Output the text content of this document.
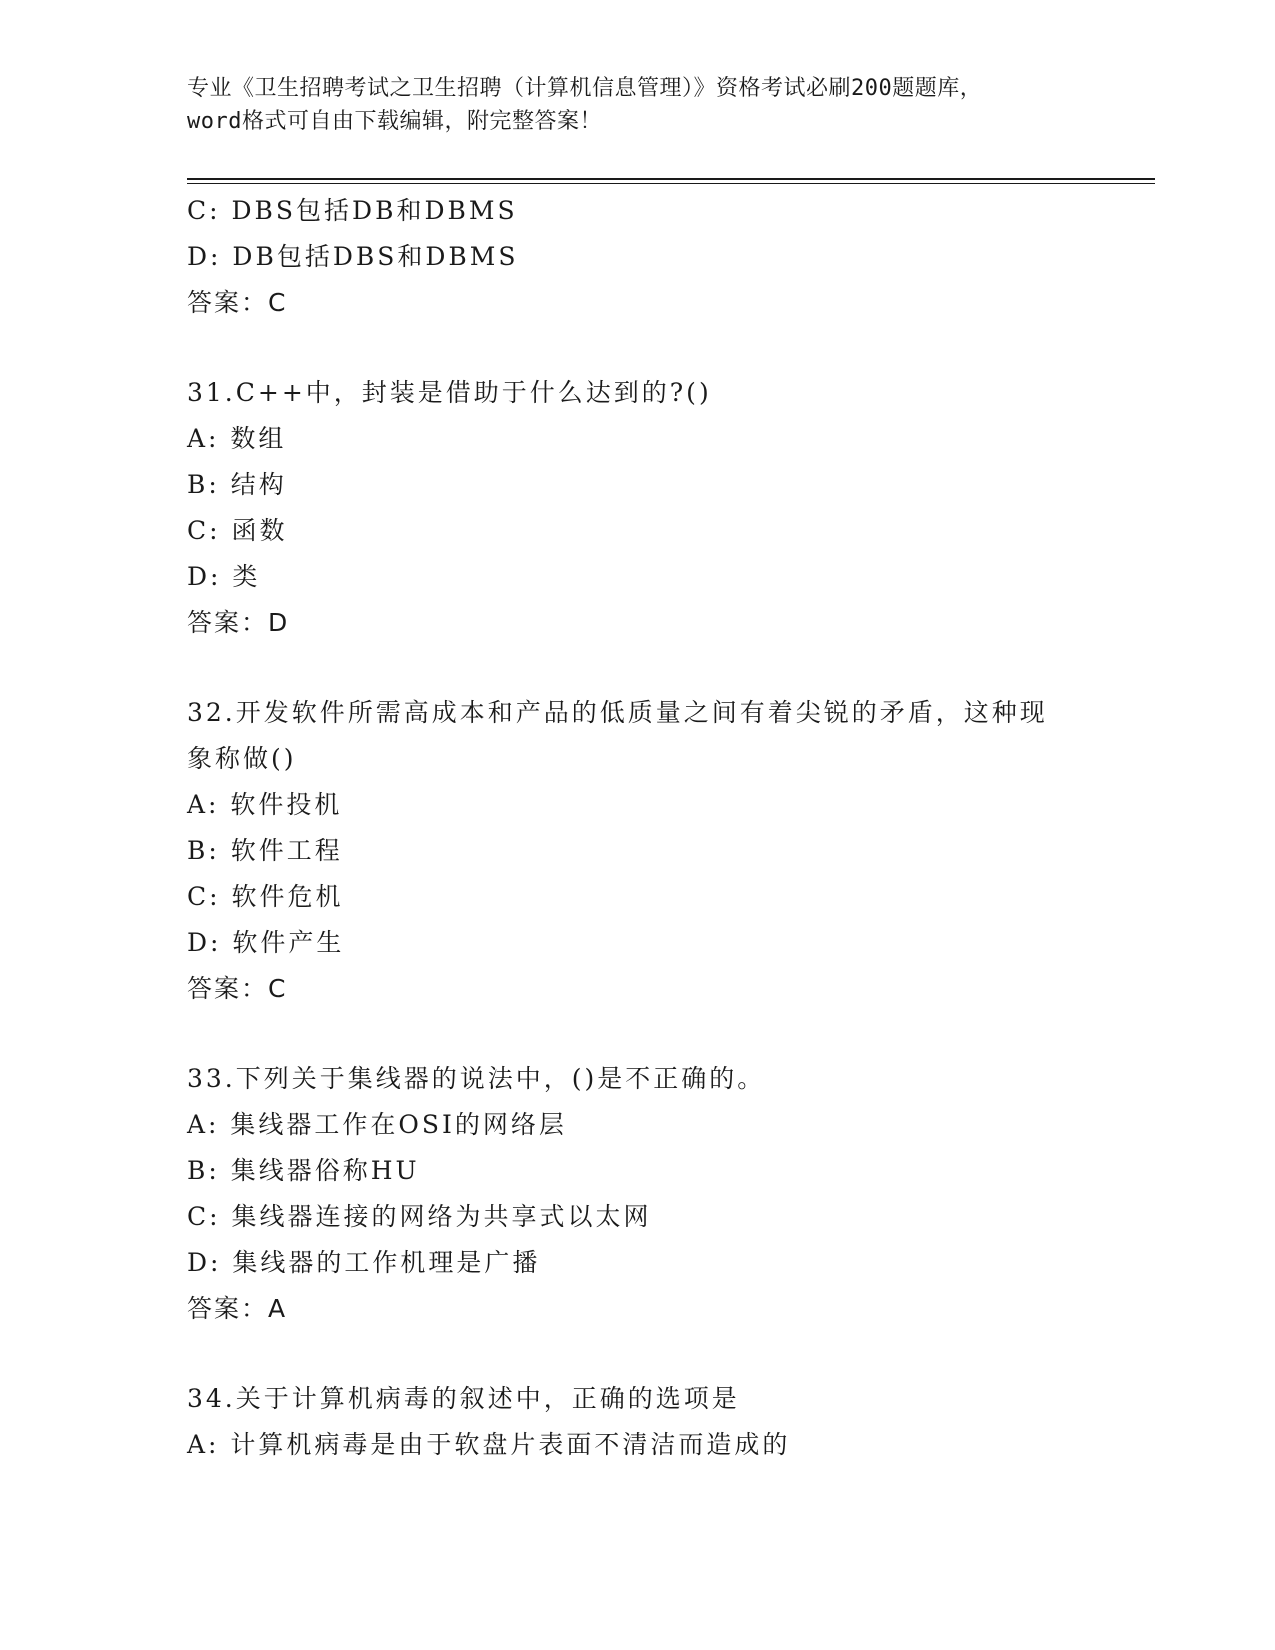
专业《卫生招聘考试之卫生招聘（计算机信息管理）》资格考试必刷200题题库，
word格式可自由下载编辑，附完整答案！
C: DBS包括DB和DBMS
D: DB包括DBS和DBMS
答案：C
31.C++中，封装是借助于什么达到的?()
A: 数组
B: 结构
C: 函数
D: 类
答案：D
32.开发软件所需高成本和产品的低质量之间有着尖锐的矛盾，这种现
象称做()
A: 软件投机
B: 软件工程
C: 软件危机
D: 软件产生
答案：C
33.下列关于集线器的说法中，()是不正确的。
A: 集线器工作在OSI的网络层
B: 集线器俗称HU
C: 集线器连接的网络为共享式以太网
D: 集线器的工作机理是广播
答案：A
34.关于计算机病毒的叙述中，正确的选项是
A: 计算机病毒是由于软盘片表面不清洁而造成的
